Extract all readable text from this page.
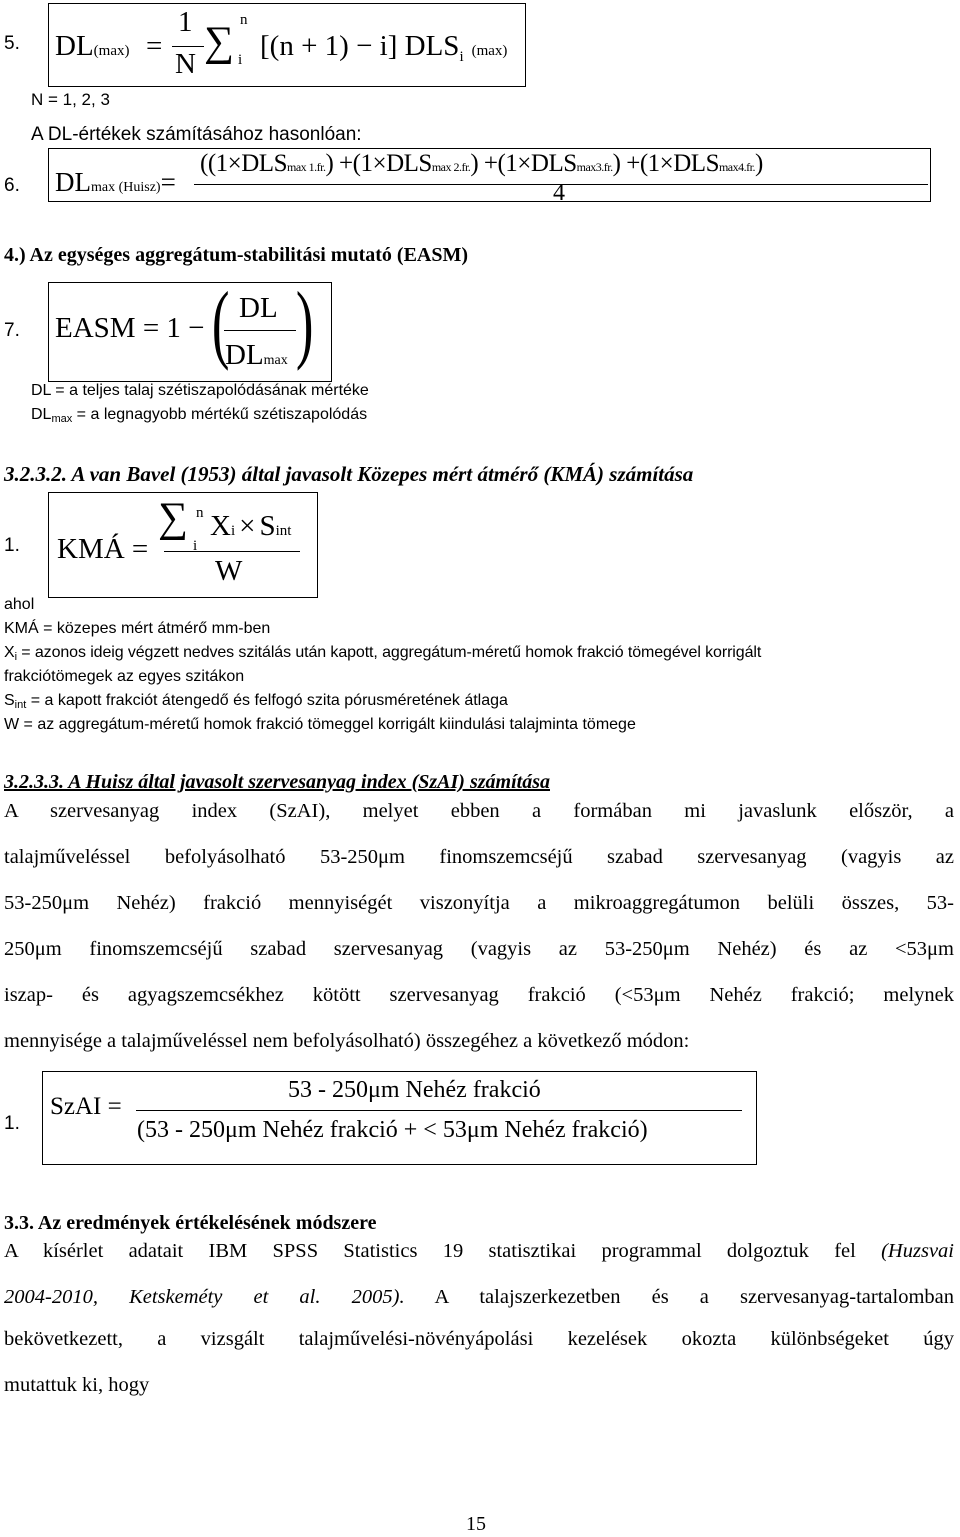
5. DL(max) =
1
N
n
∑ i [(n + 1) − i] $DLS_i$ (max)
N = 1, 2, 3
A DL-értékek számításához hasonlóan:
6. DLmax (Huisz)=
((1×DLSmax 1.fr.) +(1×DLSmax 2.fr.) +(1×DLSmax3.fr.) +(1×DLSmax4.fr.)
4
4.) Az egységes aggregátum-stabilitási mutató (EASM)
7. EASM = 1 − ( DL
DLmax )
DL = a teljes talaj szétiszapolódásának mértéke
$DL_{max} = a$ legnagyobb mértékű szétiszapolódás
3.2.3.2. A van Bavel (1953) által javasolt Közepes mért átmérő (KMÁ) számítása
1. KMÁ =
∑ n
i
Xi × Sint
W
ahol
KMÁ = közepes mért átmérő mm-ben
$X_i$ = azonos ideig végzett nedves szitálás után kapott, aggregátum-méretű homok frakció tömegével korrigált
frakciótömegek az egyes szitákon
$S_{int} = a$ kapott frakciót átengedő és felfogó szita pórusméretének átlaga
W = az aggregátum-méretű homok frakció tömeggel korrigált kiindulási talajminta tömege
3.2.3.3. A Huisz által javasolt szervesanyag index (SzAI) számítása
A szervesanyag index (SzAI), melyet ebben a formában mi javaslunk először, a
talajműveléssel befolyásolható 53-250μm finomszemcséjű szabad szervesanyag (vagyis az
53-250μm Nehéz) frakció mennyiségét viszonyítja a mikroaggregátumon belüli összes, 53-
250μm finomszemcséjű szabad szervesanyag (vagyis az 53-250μm Nehéz) és az <53μm
iszap- és agyagszemcsékhez kötött szervesanyag frakció (<53μm Nehéz frakció; melynek
mennyisége a talajműveléssel nem befolyásolható) összegéhez a következő módon:
1.
SzAI =
53 - 250μm Nehéz frakció
(53 - 250μm Nehéz frakció + < 53μm Nehéz frakció)
3.3. Az eredmények értékelésének módszere
A kísérlet adatait IBM SPSS Statistics 19 statisztikai programmal dolgoztuk fel (Huzsvai
2004-2010, Ketskeméty et al. 2005). A talajszerkezetben és a szervesanyag-tartalomban
bekövetkezett, a vizsgált talajművelési-növényápolási kezelések okozta különbségeket úgy
mutattuk ki, hogy
15
